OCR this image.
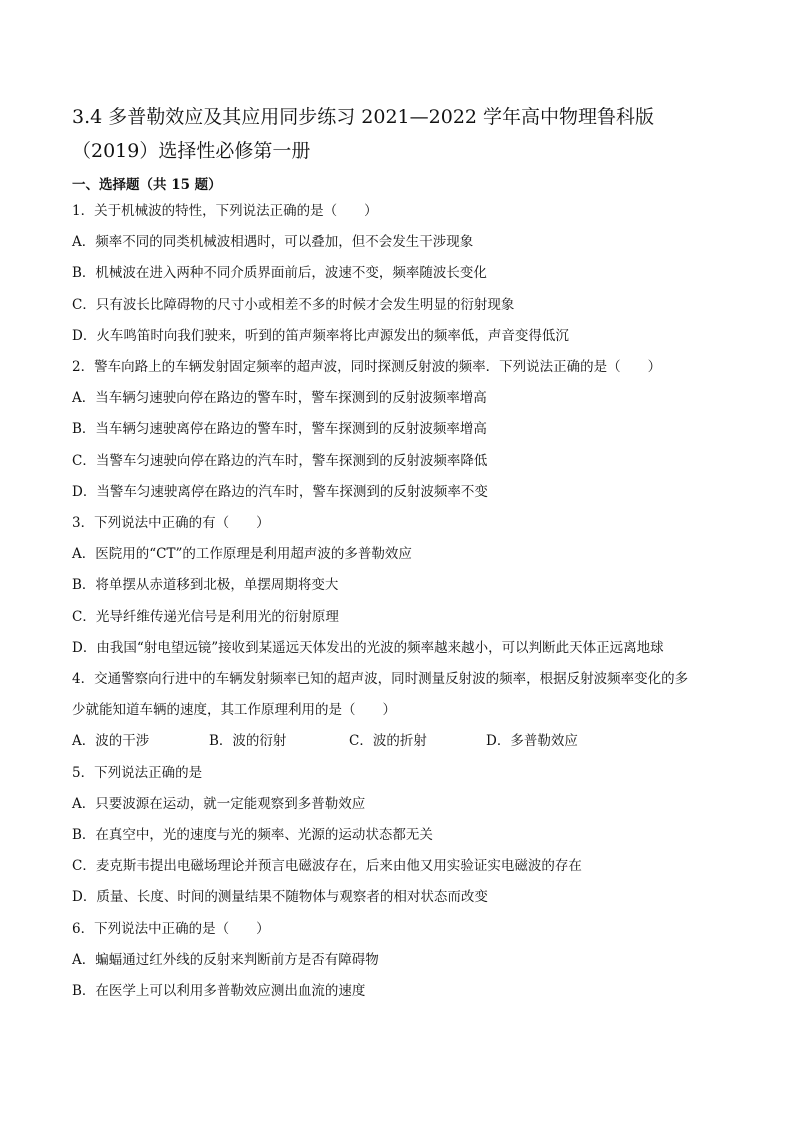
3.4 多普勒效应及其应用同步练习 2021—2022 学年高中物理鲁科版
（2019）选择性必修第一册
一、选择题（共 15 题）
1．关于机械波的特性，下列说法正确的是（　　）
A．频率不同的同类机械波相遇时，可以叠加，但不会发生干涉现象
B．机械波在进入两种不同介质界面前后，波速不变，频率随波长变化
C．只有波长比障碍物的尺寸小或相差不多的时候才会发生明显的衍射现象
D．火车鸣笛时向我们驶来，听到的笛声频率将比声源发出的频率低，声音变得低沉
2．警车向路上的车辆发射固定频率的超声波，同时探测反射波的频率．下列说法正确的是（　　）
A．当车辆匀速驶向停在路边的警车时，警车探测到的反射波频率增高
B．当车辆匀速驶离停在路边的警车时，警车探测到的反射波频率增高
C．当警车匀速驶向停在路边的汽车时，警车探测到的反射波频率降低
D．当警车匀速驶离停在路边的汽车时，警车探测到的反射波频率不变
3．下列说法中正确的有（　　）
A．医院用的“CT”的工作原理是利用超声波的多普勒效应
B．将单摆从赤道移到北极，单摆周期将变大
C．光导纤维传递光信号是利用光的衍射原理
D．由我国“射电望远镜”接收到某遥远天体发出的光波的频率越来越小，可以判断此天体正远离地球
4．交通警察向行进中的车辆发射频率已知的超声波，同时测量反射波的频率，根据反射波频率变化的多
少就能知道车辆的速度，其工作原理利用的是（　　）
A．波的干涉	B．波的衍射	C．波的折射	D．多普勒效应
5．下列说法正确的是
A．只要波源在运动，就一定能观察到多普勒效应
B．在真空中，光的速度与光的频率、光源的运动状态都无关
C．麦克斯韦提出电磁场理论并预言电磁波存在，后来由他又用实验证实电磁波的存在
D．质量、长度、时间的测量结果不随物体与观察者的相对状态而改变
6．下列说法中正确的是（　　）
A．蝙蝠通过红外线的反射来判断前方是否有障碍物
B．在医学上可以利用多普勒效应测出血流的速度
